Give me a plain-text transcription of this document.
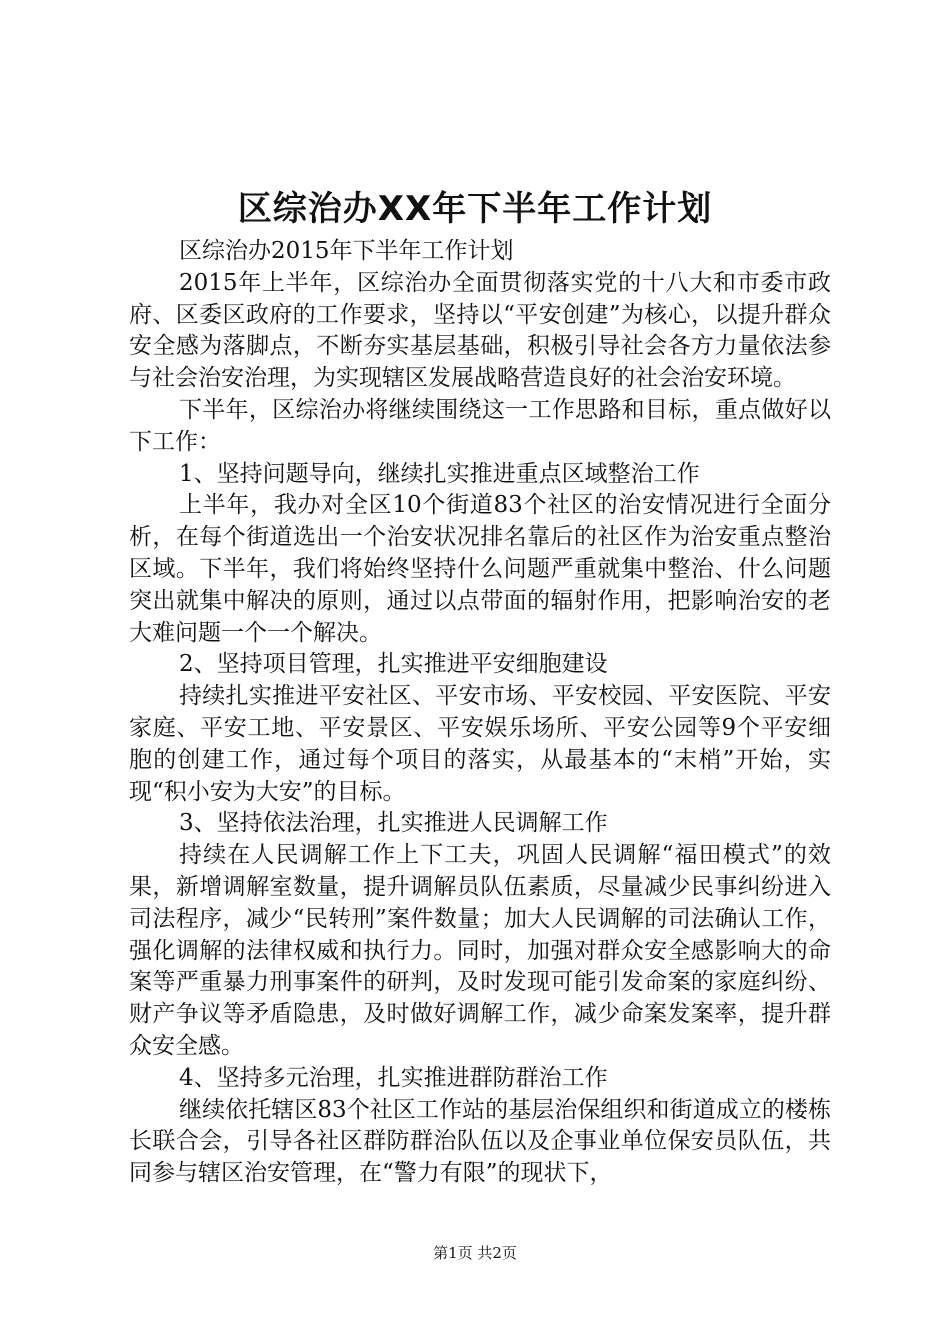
区综治办XX年下半年工作计划

区综治办2015年下半年工作计划

2015年上半年，区综治办全面贯彻落实党的十八大和市委市政府、区委区政府的工作要求，坚持以“平安创建”为核心，以提升群众安全感为落脚点，不断夯实基层基础，积极引导社会各方力量依法参与社会治安治理，为实现辖区发展战略营造良好的社会治安环境。

下半年，区综治办将继续围绕这一工作思路和目标，重点做好以下工作：

1、坚持问题导向，继续扎实推进重点区域整治工作

上半年，我办对全区10个街道83个社区的治安情况进行全面分析，在每个街道选出一个治安状况排名靠后的社区作为治安重点整治区域。下半年，我们将始终坚持什么问题严重就集中整治、什么问题突出就集中解决的原则，通过以点带面的辐射作用，把影响治安的老大难问题一个一个解决。

2、坚持项目管理，扎实推进平安细胞建设

持续扎实推进平安社区、平安市场、平安校园、平安医院、平安家庭、平安工地、平安景区、平安娱乐场所、平安公园等9个平安细胞的创建工作，通过每个项目的落实，从最基本的“末梢”开始，实现“积小安为大安”的目标。

3、坚持依法治理，扎实推进人民调解工作

持续在人民调解工作上下工夫，巩固人民调解“福田模式”的效果，新增调解室数量，提升调解员队伍素质，尽量减少民事纠纷进入司法程序，减少“民转刑”案件数量；加大人民调解的司法确认工作，强化调解的法律权威和执行力。同时，加强对群众安全感影响大的命案等严重暴力刑事案件的研判，及时发现可能引发命案的家庭纠纷、财产争议等矛盾隐患，及时做好调解工作，减少命案发案率，提升群众安全感。

4、坚持多元治理，扎实推进群防群治工作

继续依托辖区83个社区工作站的基层治保组织和街道成立的楼栋长联合会，引导各社区群防群治队伍以及企事业单位保安员队伍，共同参与辖区治安管理，在“警力有限”的现状下，

第1页 共2页
